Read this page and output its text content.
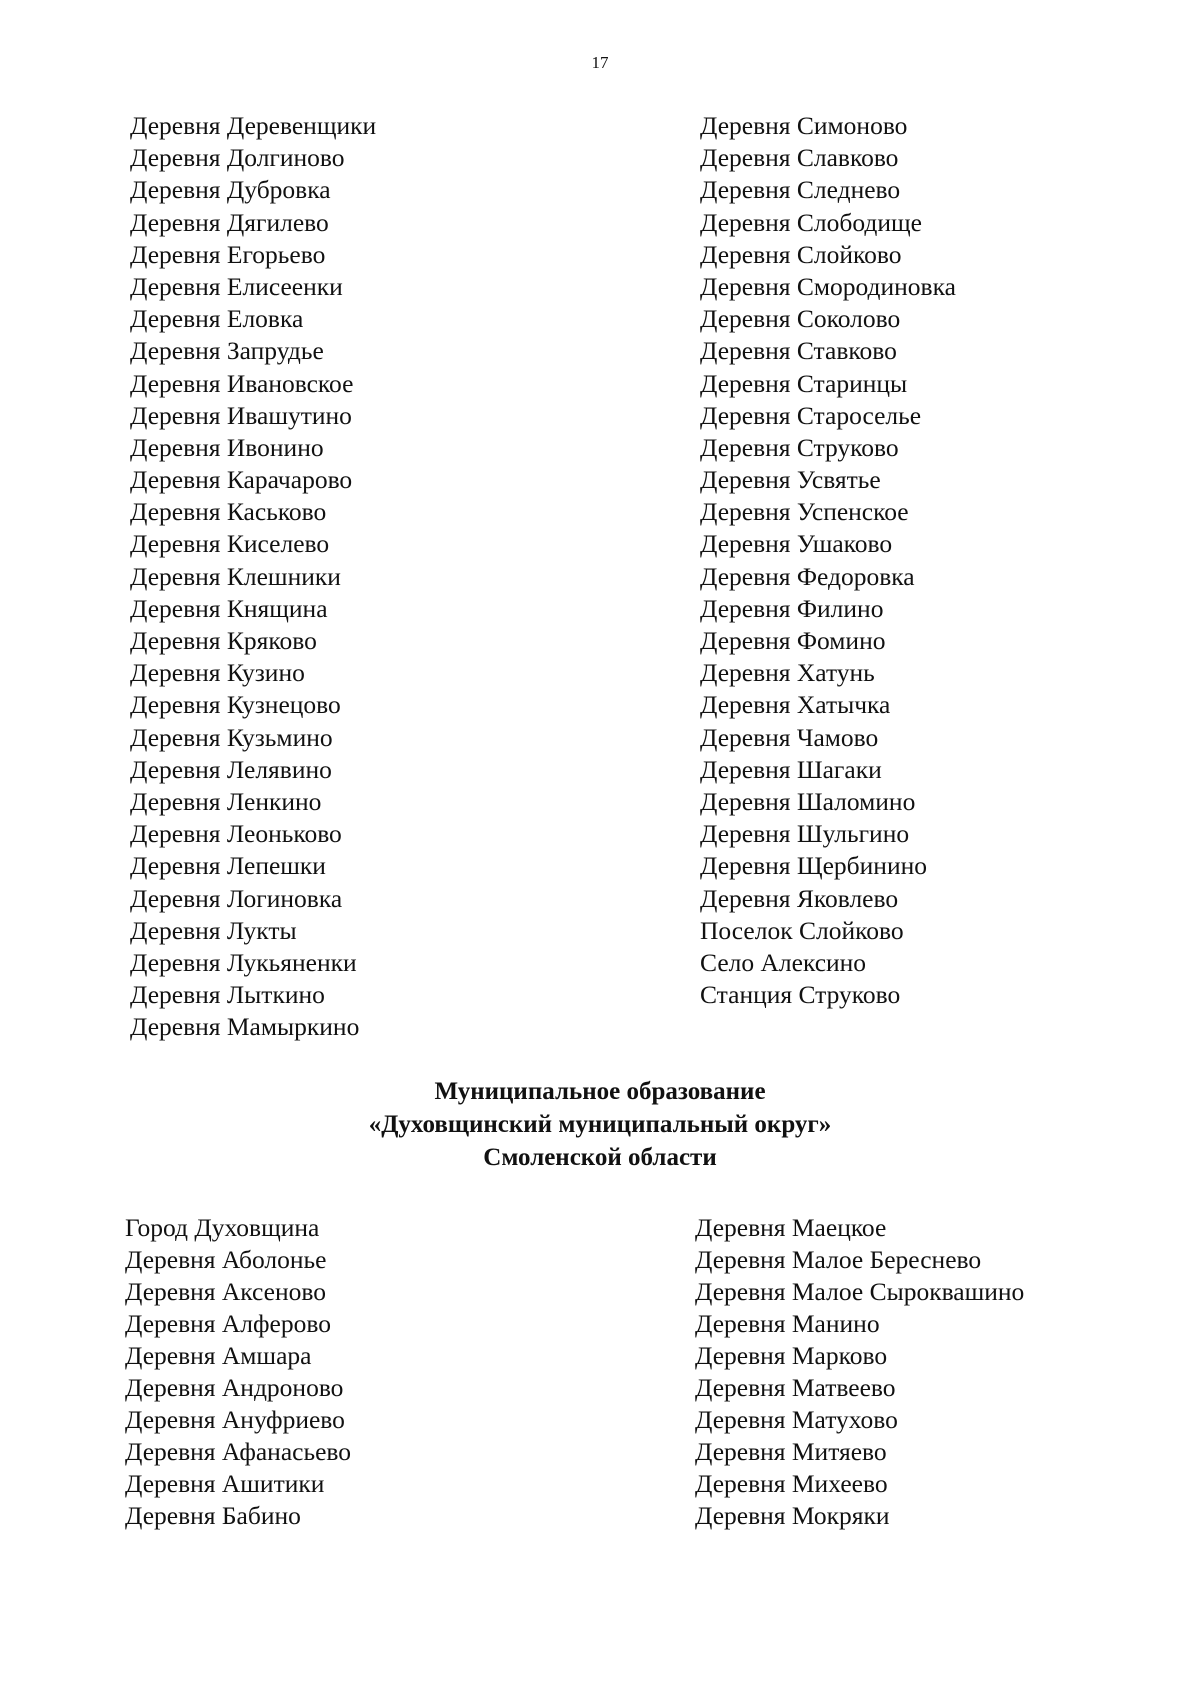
17
Деревня Деревенщики
Деревня Долгиново
Деревня Дубровка
Деревня Дягилево
Деревня Егорьево
Деревня Елисеенки
Деревня Еловка
Деревня Запрудье
Деревня Ивановское
Деревня Ивашутино
Деревня Ивонино
Деревня Карачарово
Деревня Каськово
Деревня Киселево
Деревня Клешники
Деревня Княщина
Деревня Кряково
Деревня Кузино
Деревня Кузнецово
Деревня Кузьмино
Деревня Лелявино
Деревня Ленкино
Деревня Леоньково
Деревня Лепешки
Деревня Логиновка
Деревня Лукты
Деревня Лукьяненки
Деревня Лыткино
Деревня Мамыркино
Деревня Симоново
Деревня Славково
Деревня Следнево
Деревня Слободище
Деревня Слойково
Деревня Смородиновка
Деревня Соколово
Деревня Ставково
Деревня Старинцы
Деревня Староселье
Деревня Струково
Деревня Усвятье
Деревня Успенское
Деревня Ушаково
Деревня Федоровка
Деревня Филино
Деревня Фомино
Деревня Хатунь
Деревня Хатычка
Деревня Чамово
Деревня Шагаки
Деревня Шаломино
Деревня Шульгино
Деревня Щербинино
Деревня Яковлево
Поселок Слойково
Село Алексино
Станция Струково
Муниципальное образование
«Духовщинский муниципальный округ»
Смоленской области
Город Духовщина
Деревня Аболонье
Деревня Аксеново
Деревня Алферово
Деревня Амшара
Деревня Андроново
Деревня Ануфриево
Деревня Афанасьево
Деревня Ашитики
Деревня Бабино
Деревня Маецкое
Деревня Малое Береснево
Деревня Малое Сыроквашино
Деревня Манино
Деревня Марково
Деревня Матвеево
Деревня Матухово
Деревня Митяево
Деревня Михеево
Деревня Мокряки
